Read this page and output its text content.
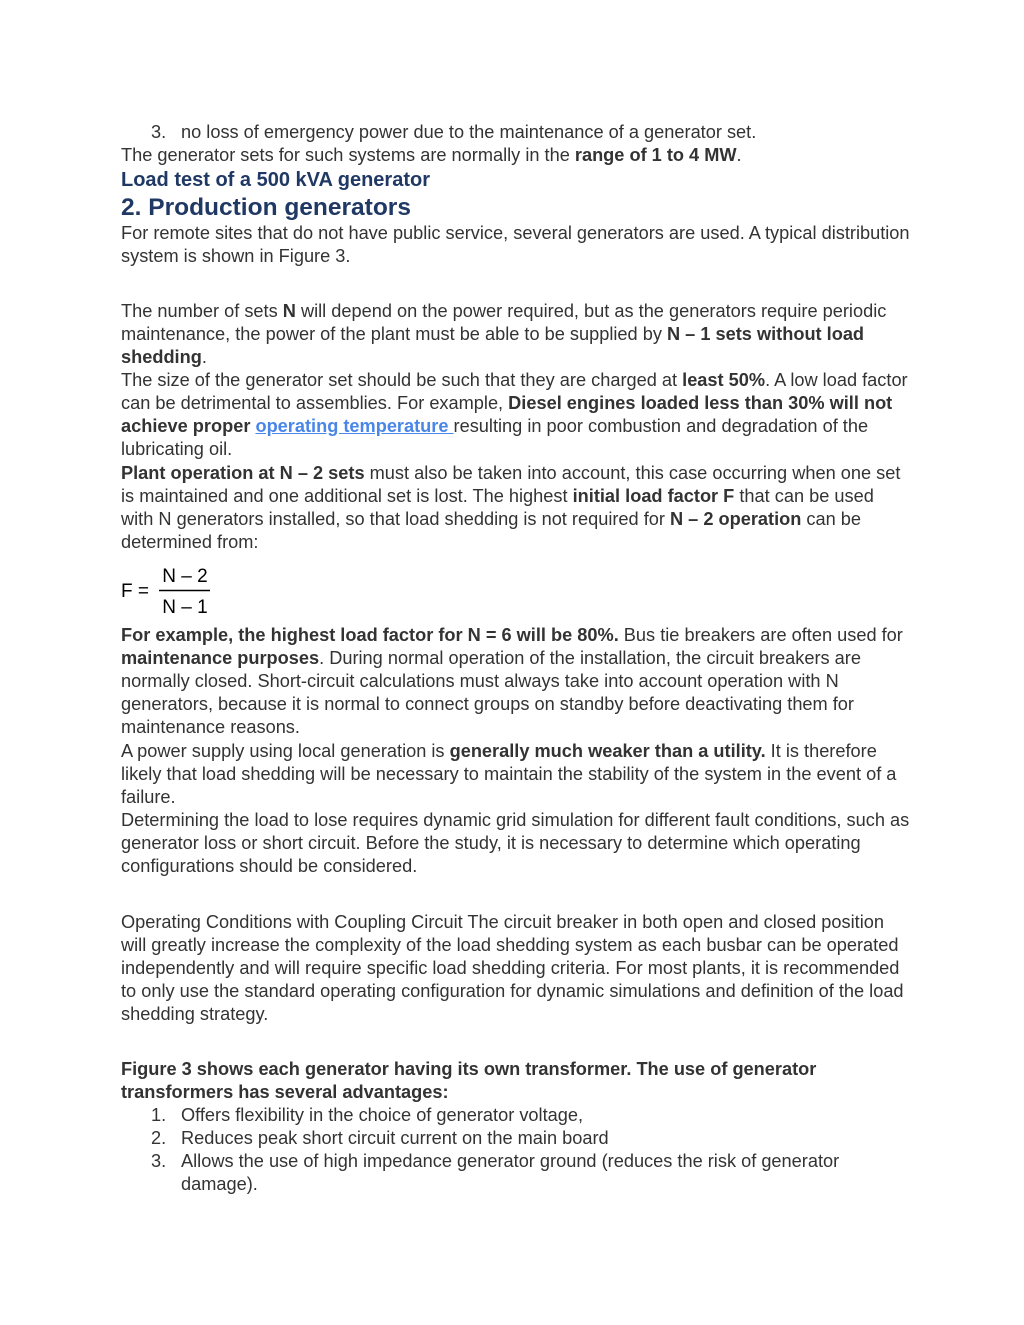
3. no loss of emergency power due to the maintenance of a generator set.
The generator sets for such systems are normally in the range of 1 to 4 MW.
Load test of a 500 kVA generator
2. Production generators
For remote sites that do not have public service, several generators are used. A typical distribution system is shown in Figure 3.
The number of sets N will depend on the power required, but as the generators require periodic maintenance, the power of the plant must be able to be supplied by N – 1 sets without load shedding.
The size of the generator set should be such that they are charged at least 50%. A low load factor can be detrimental to assemblies. For example, Diesel engines loaded less than 30% will not achieve proper operating temperature resulting in poor combustion and degradation of the lubricating oil.
Plant operation at N – 2 sets must also be taken into account, this case occurring when one set is maintained and one additional set is lost. The highest initial load factor F that can be used with N generators installed, so that load shedding is not required for N – 2 operation can be determined from:
F =
N – 2
N – 1
For example, the highest load factor for N = 6 will be 80%. Bus tie breakers are often used for maintenance purposes. During normal operation of the installation, the circuit breakers are normally closed. Short-circuit calculations must always take into account operation with N generators, because it is normal to connect groups on standby before deactivating them for maintenance reasons.
A power supply using local generation is generally much weaker than a utility. It is therefore likely that load shedding will be necessary to maintain the stability of the system in the event of a failure.
Determining the load to lose requires dynamic grid simulation for different fault conditions, such as generator loss or short circuit. Before the study, it is necessary to determine which operating configurations should be considered.
Operating Conditions with Coupling Circuit The circuit breaker in both open and closed position will greatly increase the complexity of the load shedding system as each busbar can be operated independently and will require specific load shedding criteria. For most plants, it is recommended to only use the standard operating configuration for dynamic simulations and definition of the load shedding strategy.
Figure 3 shows each generator having its own transformer. The use of generator transformers has several advantages:
1. Offers flexibility in the choice of generator voltage,
2. Reduces peak short circuit current on the main board
3. Allows the use of high impedance generator ground (reduces the risk of generator damage).
